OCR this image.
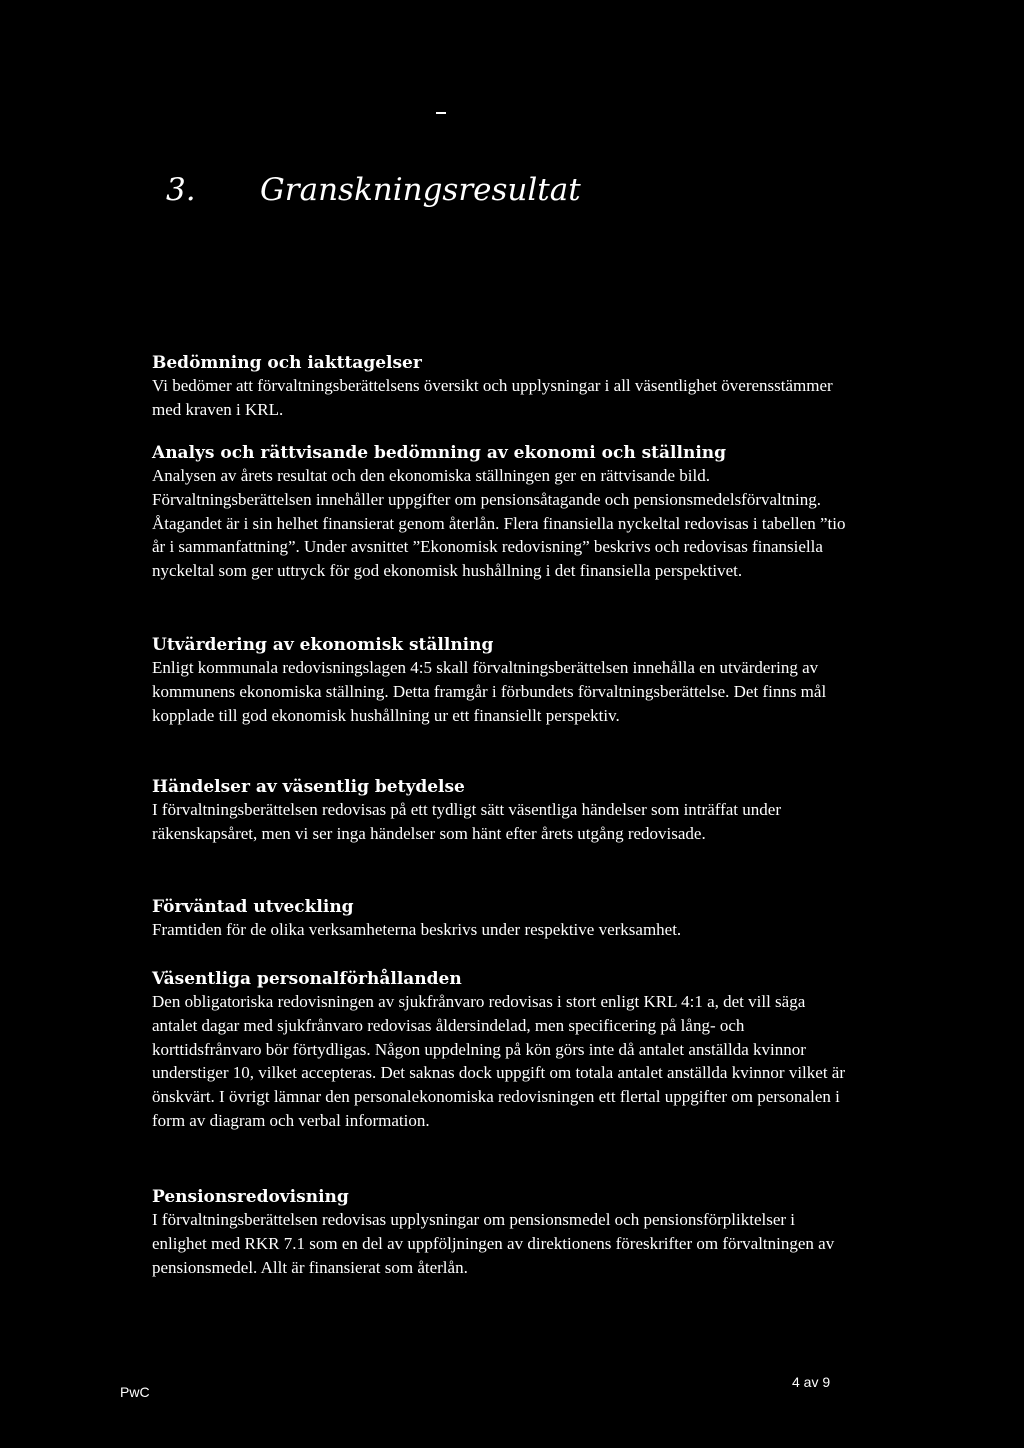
3. Granskningsresultat
Bedömning och iakttagelser

Vi bedömer att förvaltningsberättelsens översikt och upplysningar i all väsentlighet överensstämmer med kraven i KRL.

Analys och rättvisande bedömning av ekonomi och ställning

Analysen av årets resultat och den ekonomiska ställningen ger en rättvisande bild. Förvaltningsberättelsen innehåller uppgifter om pensionsåtagande och pensionsmedelsförvaltning. Åtagandet är i sin helhet finansierat genom återlån. Flera finansiella nyckeltal redovisas i tabellen ”tio år i sammanfattning”. Under avsnittet ”Ekonomisk redovisning” beskrivs och redovisas finansiella nyckeltal som ger uttryck för god ekonomisk hushållning i det finansiella perspektivet.

Utvärdering av ekonomisk ställning

Enligt kommunala redovisningslagen 4:5 skall förvaltningsberättelsen innehålla en utvärdering av kommunens ekonomiska ställning. Detta framgår i förbundets förvaltningsberättelse. Det finns mål kopplade till god ekonomisk hushållning ur ett finansiellt perspektiv.

Händelser av väsentlig betydelse

I förvaltningsberättelsen redovisas på ett tydligt sätt väsentliga händelser som inträffat under räkenskapsåret, men vi ser inga händelser som hänt efter årets utgång redovisade.

Förväntad utveckling

Framtiden för de olika verksamheterna beskrivs under respektive verksamhet.

Väsentliga personalförhållanden

Den obligatoriska redovisningen av sjukfrånvaro redovisas i stort enligt KRL 4:1 a, det vill säga antalet dagar med sjukfrånvaro redovisas åldersindelad, men specificering på lång- och korttidsfrånvaro bör förtydligas. Någon uppdelning på kön görs inte då antalet anställda kvinnor understiger 10, vilket accepteras. Det saknas dock uppgift om totala antalet anställda kvinnor vilket är önskvärt. I övrigt lämnar den personalekonomiska redovisningen ett flertal uppgifter om personalen i form av diagram och verbal information.

Pensionsredovisning

I förvaltningsberättelsen redovisas upplysningar om pensionsmedel och pensionsförpliktelser i enlighet med RKR 7.1 som en del av uppföljningen av direktionens föreskrifter om förvaltningen av pensionsmedel. Allt är finansierat som återlån.

PwC
4 av 9
